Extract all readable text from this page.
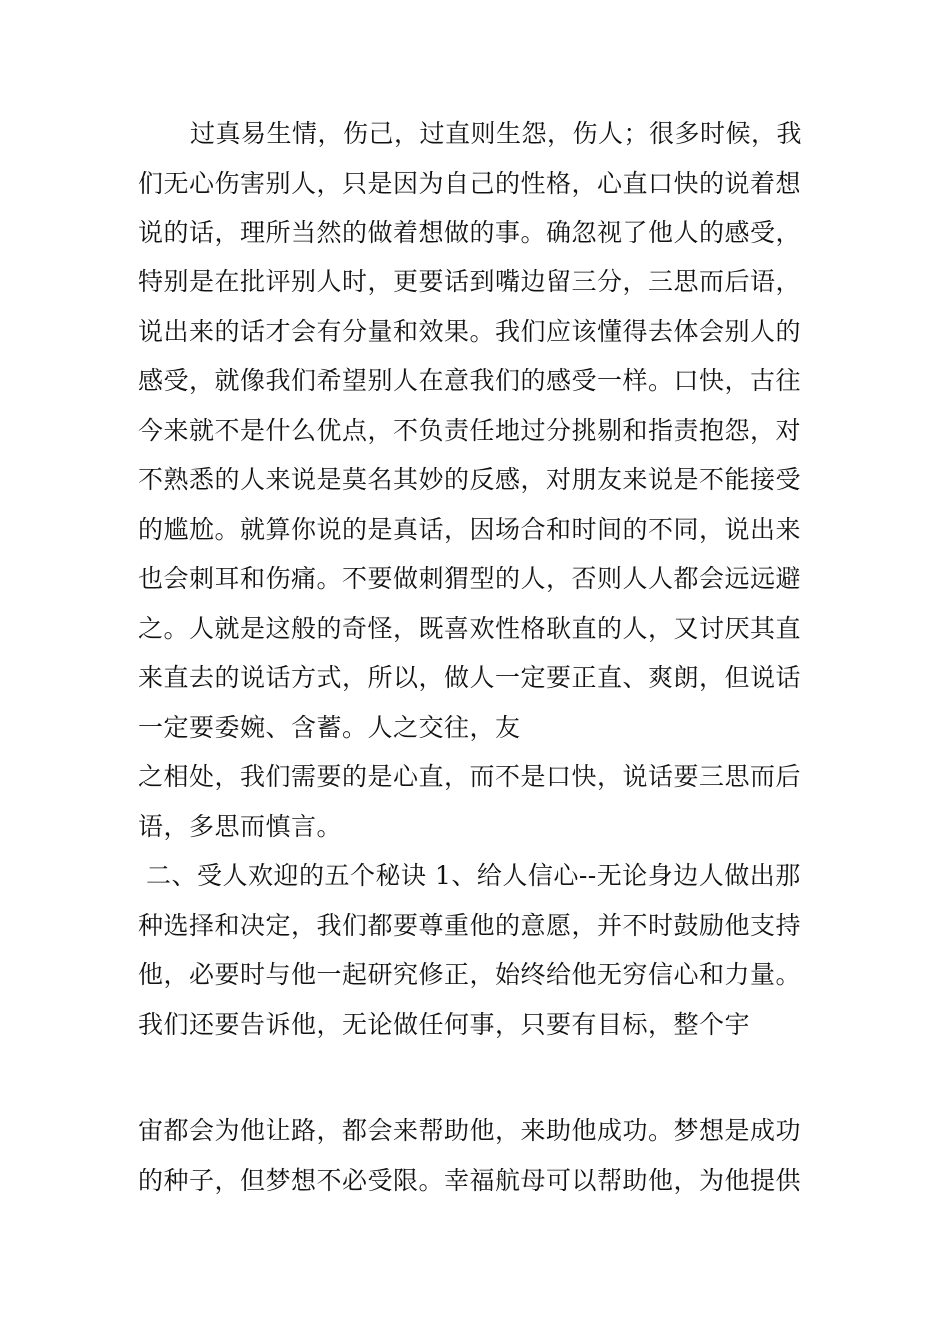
过真易生情，伤己，过直则生怨，伤人；很多时候，我
们无心伤害别人，只是因为自己的性格，心直口快的说着想
说的话，理所当然的做着想做的事。确忽视了他人的感受，
特别是在批评别人时，更要话到嘴边留三分，三思而后语，
说出来的话才会有分量和效果。我们应该懂得去体会别人的
感受，就像我们希望别人在意我们的感受一样。口快，古往
今来就不是什么优点，不负责任地过分挑剔和指责抱怨，对
不熟悉的人来说是莫名其妙的反感，对朋友来说是不能接受
的尴尬。就算你说的是真话，因场合和时间的不同，说出来
也会刺耳和伤痛。不要做刺猬型的人，否则人人都会远远避
之。人就是这般的奇怪，既喜欢性格耿直的人，又讨厌其直
来直去的说话方式，所以，做人一定要正直、爽朗，但说话
一定要委婉、含蓄。人之交往，友
之相处，我们需要的是心直，而不是口快，说话要三思而后
语，多思而慎言。
二、受人欢迎的五个秘诀 1、给人信心--无论身边人做出那
种选择和决定，我们都要尊重他的意愿，并不时鼓励他支持
他，必要时与他一起研究修正，始终给他无穷信心和力量。
我们还要告诉他，无论做任何事，只要有目标，整个宇
宙都会为他让路，都会来帮助他，来助他成功。梦想是成功
的种子，但梦想不必受限。幸福航母可以帮助他，为他提供
